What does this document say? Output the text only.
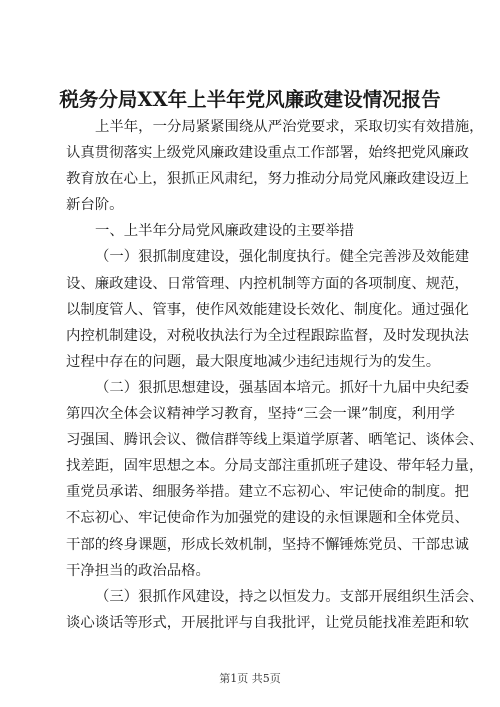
税务分局XX年上半年党风廉政建设情况报告
上半年，一分局紧紧围绕从严治党要求，采取切实有效措施，
认真贯彻落实上级党风廉政建设重点工作部署，始终把党风廉政
教育放在心上，狠抓正风肃纪，努力推动分局党风廉政建设迈上
新台阶。
一、上半年分局党风廉政建设的主要举措
（一）狠抓制度建设，强化制度执行。健全完善涉及效能建
设、廉政建设、日常管理、内控机制等方面的各项制度、规范，
以制度管人、管事，使作风效能建设长效化、制度化。通过强化
内控机制建设，对税收执法行为全过程跟踪监督，及时发现执法
过程中存在的问题，最大限度地减少违纪违规行为的发生。
（二）狠抓思想建设，强基固本培元。抓好十九届中央纪委
第四次全体会议精神学习教育，坚持“三会一课”制度，利用学
习强国、腾讯会议、微信群等线上渠道学原著、晒笔记、谈体会、
找差距，固牢思想之本。分局支部注重抓班子建设、带年轻力量，
重党员承诺、细服务举措。建立不忘初心、牢记使命的制度。把
不忘初心、牢记使命作为加强党的建设的永恒课题和全体党员、
干部的终身课题，形成长效机制，坚持不懈锤炼党员、干部忠诚
干净担当的政治品格。
（三）狠抓作风建设，持之以恒发力。支部开展组织生活会、
谈心谈话等形式，开展批评与自我批评，让党员能找准差距和软
第1页 共5页
